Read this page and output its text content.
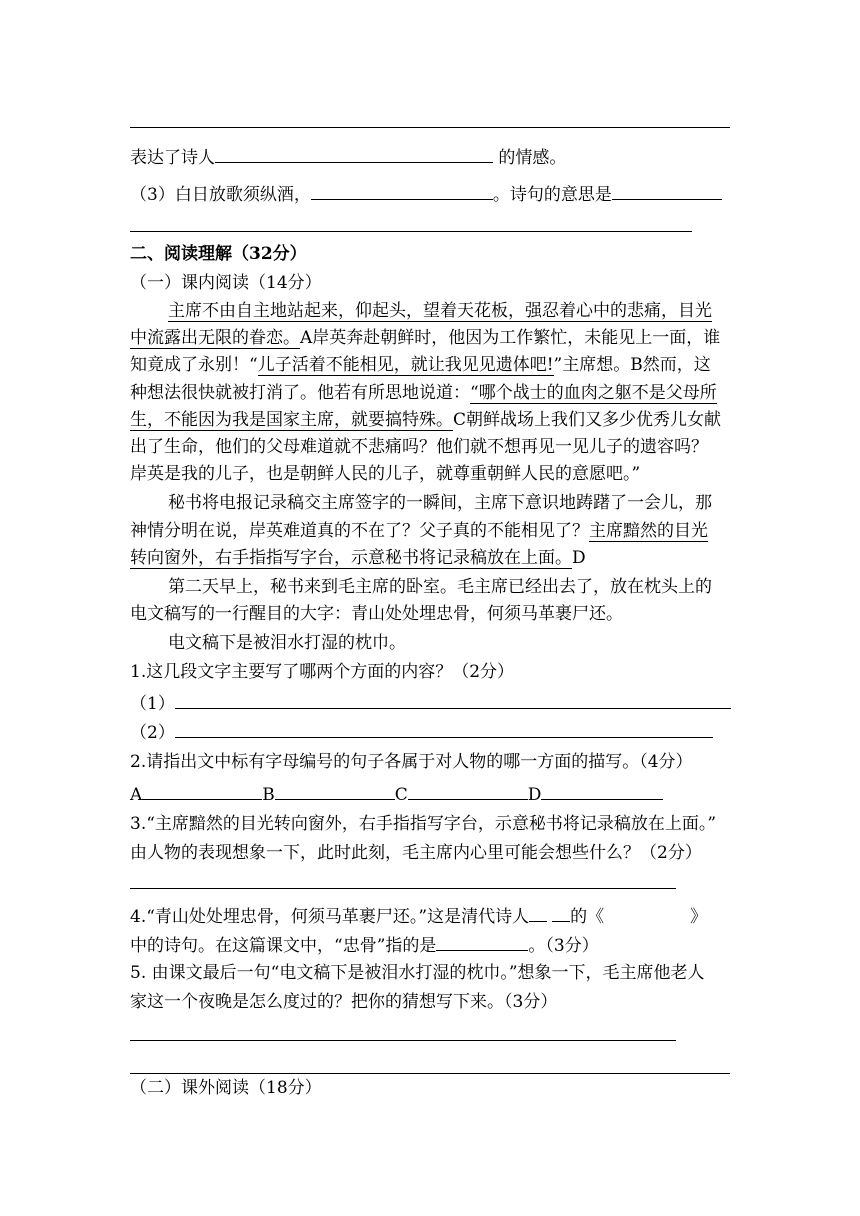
表达了诗人	的情感。
（3）白日放歌须纵酒，	。诗句的意思是
二、阅读理解（32分）
（一）课内阅读（14分）
主席不由自主地站起来，仰起头，望着天花板，强忍着心中的悲痛，目光
中流露出无限的眷恋。A岸英奔赴朝鲜时，他因为工作繁忙，未能见上一面，谁
知竟成了永别！“儿子活着不能相见，就让我见见遗体吧!”主席想。B然而，这
种想法很快就被打消了。他若有所思地说道：“哪个战士的血肉之躯不是父母所
生，不能因为我是国家主席，就要搞特殊。C朝鲜战场上我们又多少优秀儿女献
出了生命，他们的父母难道就不悲痛吗？他们就不想再见一见儿子的遗容吗？
岸英是我的儿子，也是朝鲜人民的儿子，就尊重朝鲜人民的意愿吧。”
秘书将电报记录稿交主席签字的一瞬间，主席下意识地踌躇了一会儿，那
神情分明在说，岸英难道真的不在了？父子真的不能相见了？主席黯然的目光
转向窗外，右手指指写字台，示意秘书将记录稿放在上面。D
第二天早上，秘书来到毛主席的卧室。毛主席已经出去了，放在枕头上的
电文稿写的一行醒目的大字：青山处处埋忠骨，何须马革裹尸还。
电文稿下是被泪水打湿的枕巾。
1.这几段文字主要写了哪两个方面的内容？（2分）
（1）
（2）
2.请指出文中标有字母编号的句子各属于对人物的哪一方面的描写。（4分）
A	B	C	D
3.“主席黯然的目光转向窗外，右手指指写字台，示意秘书将记录稿放在上面。”
由人物的表现想象一下，此时此刻，毛主席内心里可能会想些什么？（2分）
4.“青山处处埋忠骨，何须马革裹尸还。”这是清代诗人 的《	》
中的诗句。在这篇课文中，“忠骨”指的是	。（3分）
5. 由课文最后一句“电文稿下是被泪水打湿的枕巾。”想象一下，毛主席他老人
家这一个夜晚是怎么度过的？把你的猜想写下来。（3分）
（二）课外阅读（18分）
